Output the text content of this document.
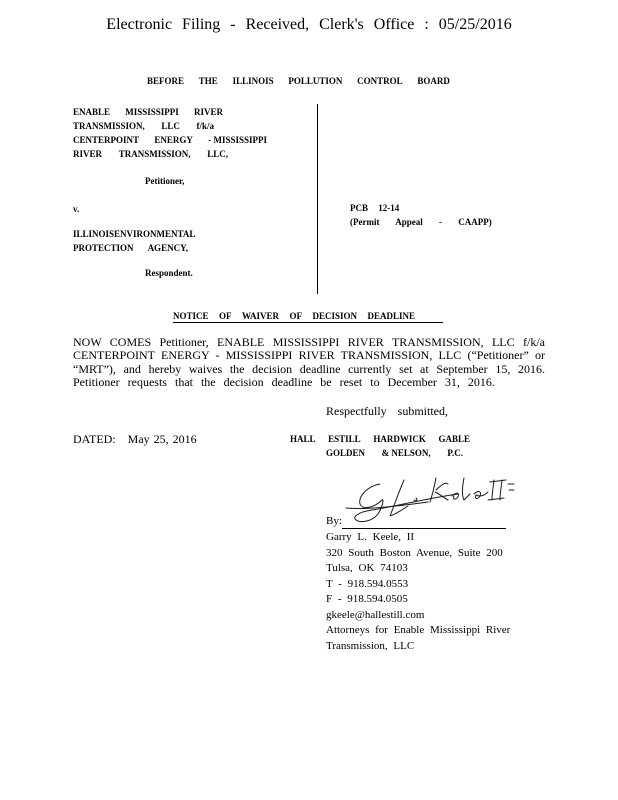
Electronic Filing - Received, Clerk's Office : 05/25/2016
BEFORE THE ILLINOIS POLLUTION CONTROL BOARD
ENABLE MISSISSIPPI RIVER
TRANSMISSION, LLC f/k/a
CENTERPOINT ENERGY - MISSISSIPPI
RIVER TRANSMISSION, LLC,
Petitioner,
v.
ILLINOIS ENVIRONMENTAL
PROTECTION AGENCY,
Respondent.
PCB 12-14
(Permit Appeal - CAAPP)
NOTICE OF WAIVER OF DECISION DEADLINE
NOW COMES Petitioner, ENABLE MISSISSIPPI RIVER TRANSMISSION, LLC f/k/a
CENTERPOINT ENERGY - MISSISSIPPI RIVER TRANSMISSION, LLC (“Petitioner” or
“MRT”), and hereby waives the decision deadline currently set at September 15, 2016.
Petitioner requests that the decision deadline be reset to December 31, 2016.
Respectfully submitted,
DATED:   May 25, 2016	HALL ESTILL HARDWICK GABLE
GOLDEN & NELSON, P.C.
By:
Garry L. Keele, II
320 South Boston Avenue, Suite 200
Tulsa, OK 74103
T - 918.594.0553
F - 918.594.0505
gkeele@hallestill.com
Attorneys for Enable Mississippi River
Transmission, LLC
